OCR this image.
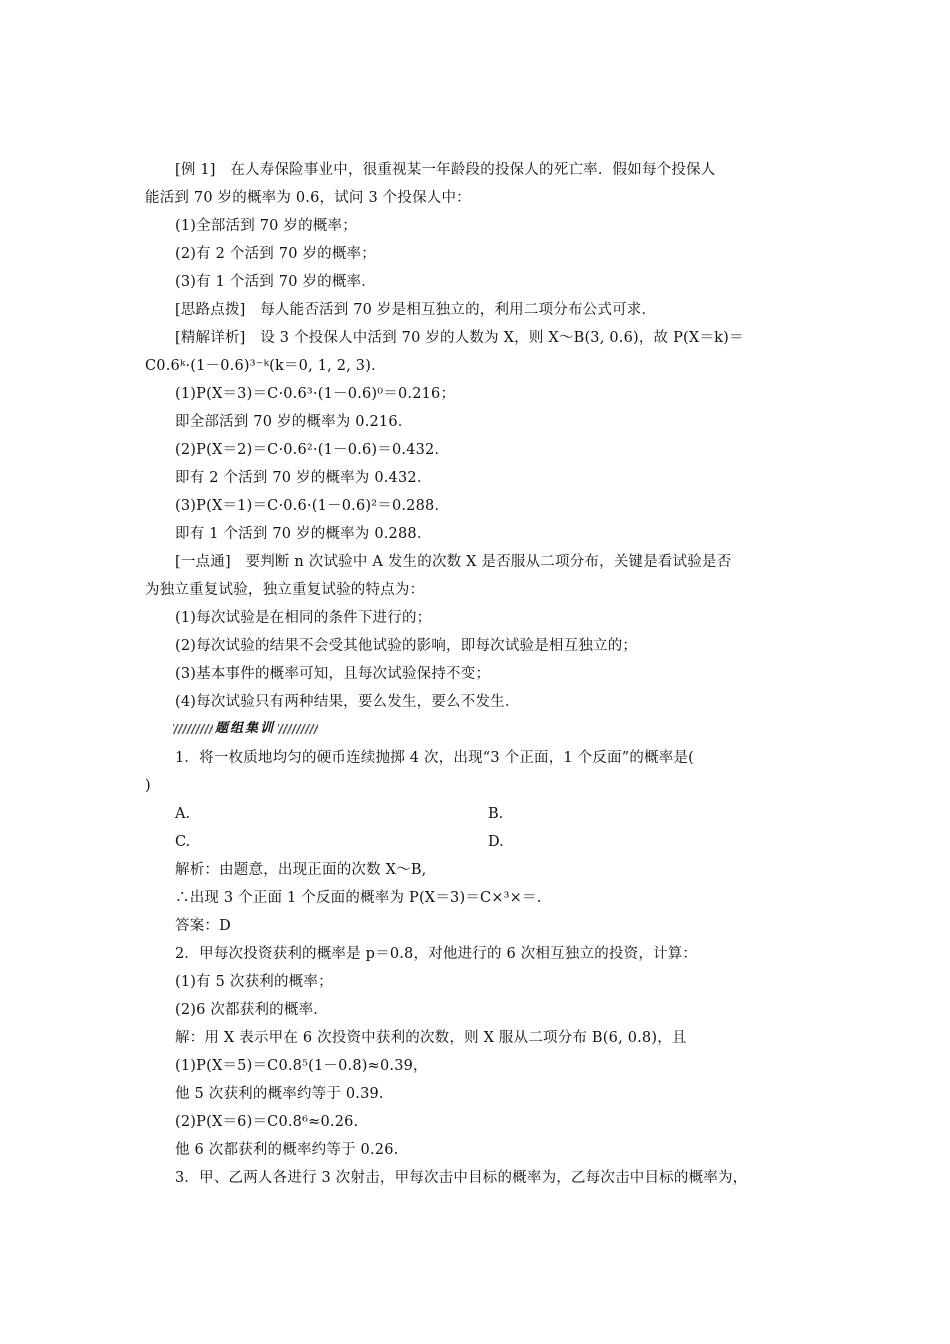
[例 1]　在人寿保险事业中，很重视某一年龄段的投保人的死亡率．假如每个投保人
能活到 70 岁的概率为 0.6，试问 3 个投保人中：
(1)全部活到 70 岁的概率；
(2)有 2 个活到 70 岁的概率；
(3)有 1 个活到 70 岁的概率．
[思路点拨]　每人能否活到 70 岁是相互独立的，利用二项分布公式可求．
[精解详析]　设 3 个投保人中活到 70 岁的人数为 X，则 X～B(3, 0.6)，故 P(X＝k)＝
C0.6ᵏ·(1－0.6)³⁻ᵏ(k＝0, 1, 2, 3)．
(1)P(X＝3)＝C·0.6³·(1－0.6)⁰＝0.216；
即全部活到 70 岁的概率为 0.216．
(2)P(X＝2)＝C·0.6²·(1－0.6)＝0.432．
即有 2 个活到 70 岁的概率为 0.432．
(3)P(X＝1)＝C·0.6·(1－0.6)²＝0.288．
即有 1 个活到 70 岁的概率为 0.288．
[一点通]　要判断 n 次试验中 A 发生的次数 X 是否服从二项分布，关键是看试验是否
为独立重复试验，独立重复试验的特点为：
(1)每次试验是在相同的条件下进行的；
(2)每次试验的结果不会受其他试验的影响，即每次试验是相互独立的；
(3)基本事件的概率可知，且每次试验保持不变；
(4)每次试验只有两种结果，要么发生，要么不发生．
题组集训
1．将一枚质地均匀的硬币连续抛掷 4 次，出现“3 个正面，1 个反面”的概率是(
)
A.	B.
C.	D.
解析：由题意，出现正面的次数 X～B,
∴出现 3 个正面 1 个反面的概率为 P(X＝3)＝C×³×＝.
答案：D
2．甲每次投资获利的概率是 p＝0.8，对他进行的 6 次相互独立的投资，计算：
(1)有 5 次获利的概率；
(2)6 次都获利的概率．
解：用 X 表示甲在 6 次投资中获利的次数，则 X 服从二项分布 B(6, 0.8)，且
(1)P(X＝5)＝C0.8⁵(1－0.8)≈0.39，
他 5 次获利的概率约等于 0.39.
(2)P(X＝6)＝C0.8⁶≈0.26.
他 6 次都获利的概率约等于 0.26.
3．甲、乙两人各进行 3 次射击，甲每次击中目标的概率为，乙每次击中目标的概率为，
